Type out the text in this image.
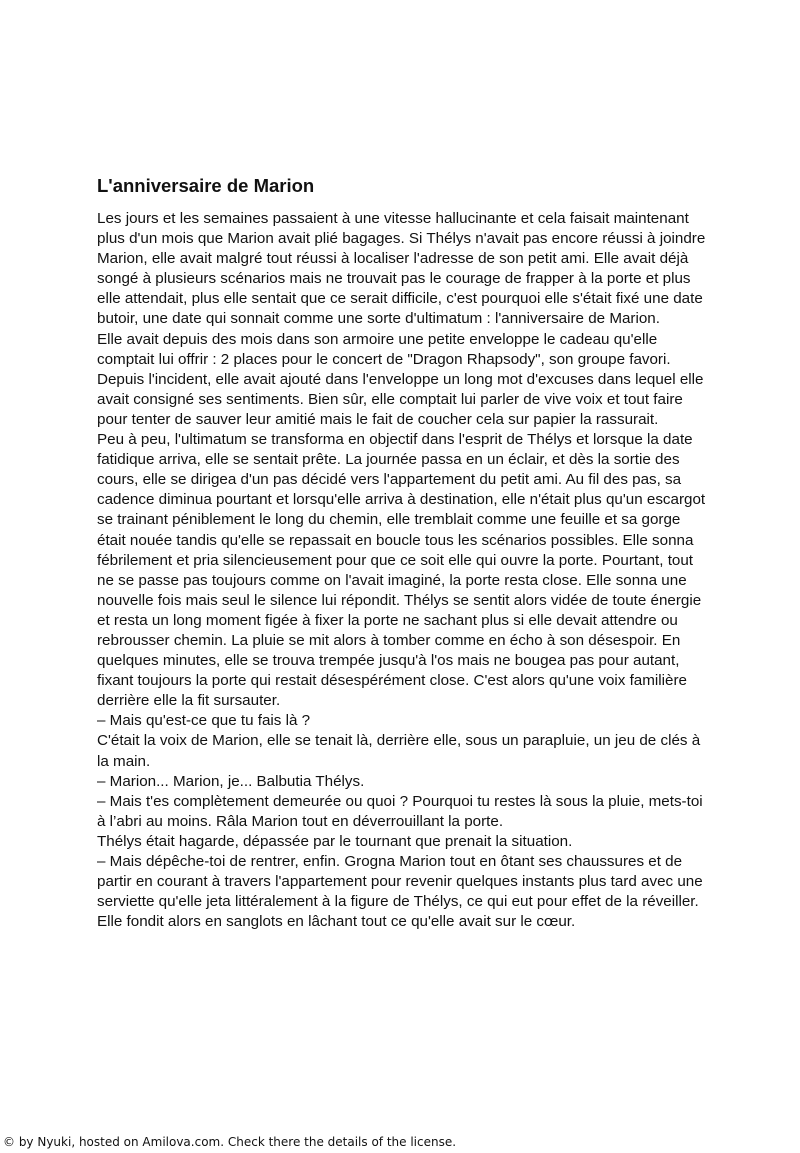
L'anniversaire de Marion

Les jours et les semaines passaient à une vitesse hallucinante et cela faisait maintenant plus d'un mois que Marion avait plié bagages. Si Thélys n'avait pas encore réussi à joindre Marion, elle avait malgré tout réussi à localiser l'adresse de son petit ami. Elle avait déjà songé à plusieurs scénarios mais ne trouvait pas le courage de frapper à la porte et plus elle attendait, plus elle sentait que ce serait difficile, c'est pourquoi elle s'était fixé une date butoir, une date qui sonnait comme une sorte d'ultimatum : l'anniversaire de Marion.

Elle avait depuis des mois dans son armoire une petite enveloppe le cadeau qu'elle comptait lui offrir : 2 places pour le concert de "Dragon Rhapsody", son groupe favori. Depuis l'incident, elle avait ajouté dans l'enveloppe un long mot d'excuses dans lequel elle avait consigné ses sentiments. Bien sûr, elle comptait lui parler de vive voix et tout faire pour tenter de sauver leur amitié mais le fait de coucher cela sur papier la rassurait.

Peu à peu, l'ultimatum se transforma en objectif dans l'esprit de Thélys et lorsque la date fatidique arriva, elle se sentait prête. La journée passa en un éclair, et dès la sortie des cours, elle se dirigea d'un pas décidé vers l'appartement du petit ami. Au fil des pas, sa cadence diminua pourtant et lorsqu'elle arriva à destination, elle n'était plus qu'un escargot se trainant péniblement le long du chemin, elle tremblait comme une feuille et sa gorge était nouée tandis qu'elle se repassait en boucle tous les scénarios possibles. Elle sonna fébrilement et pria silencieusement pour que ce soit elle qui ouvre la porte. Pourtant, tout ne se passe pas toujours comme on l'avait imaginé, la porte resta close. Elle sonna une nouvelle fois mais seul le silence lui répondit. Thélys se sentit alors vidée de toute énergie et resta un long moment figée à fixer la porte ne sachant plus si elle devait attendre ou rebrousser chemin. La pluie se mit alors à tomber comme en écho à son désespoir. En quelques minutes, elle se trouva trempée jusqu'à l'os mais ne bougea pas pour autant, fixant toujours la porte qui restait désespérément close. C'est alors qu'une voix familière derrière elle la fit sursauter.

– Mais qu'est-ce que tu fais là ?

C'était la voix de Marion, elle se tenait là, derrière elle, sous un parapluie, un jeu de clés à la main.

– Marion... Marion, je... Balbutia Thélys.

– Mais t'es complètement demeurée ou quoi ? Pourquoi tu restes là sous la pluie, mets-toi à l’abri au moins. Râla Marion tout en déverrouillant la porte.

Thélys était hagarde, dépassée par le tournant que prenait la situation.

– Mais dépêche-toi de rentrer, enfin. Grogna Marion tout en ôtant ses chaussures et de partir en courant à travers l'appartement pour revenir quelques instants plus tard avec une serviette qu'elle jeta littéralement à la figure de Thélys, ce qui eut pour effet de la réveiller. Elle fondit alors en sanglots en lâchant tout ce qu'elle avait sur le cœur.

© by Nyuki, hosted on Amilova.com. Check there the details of the license.
